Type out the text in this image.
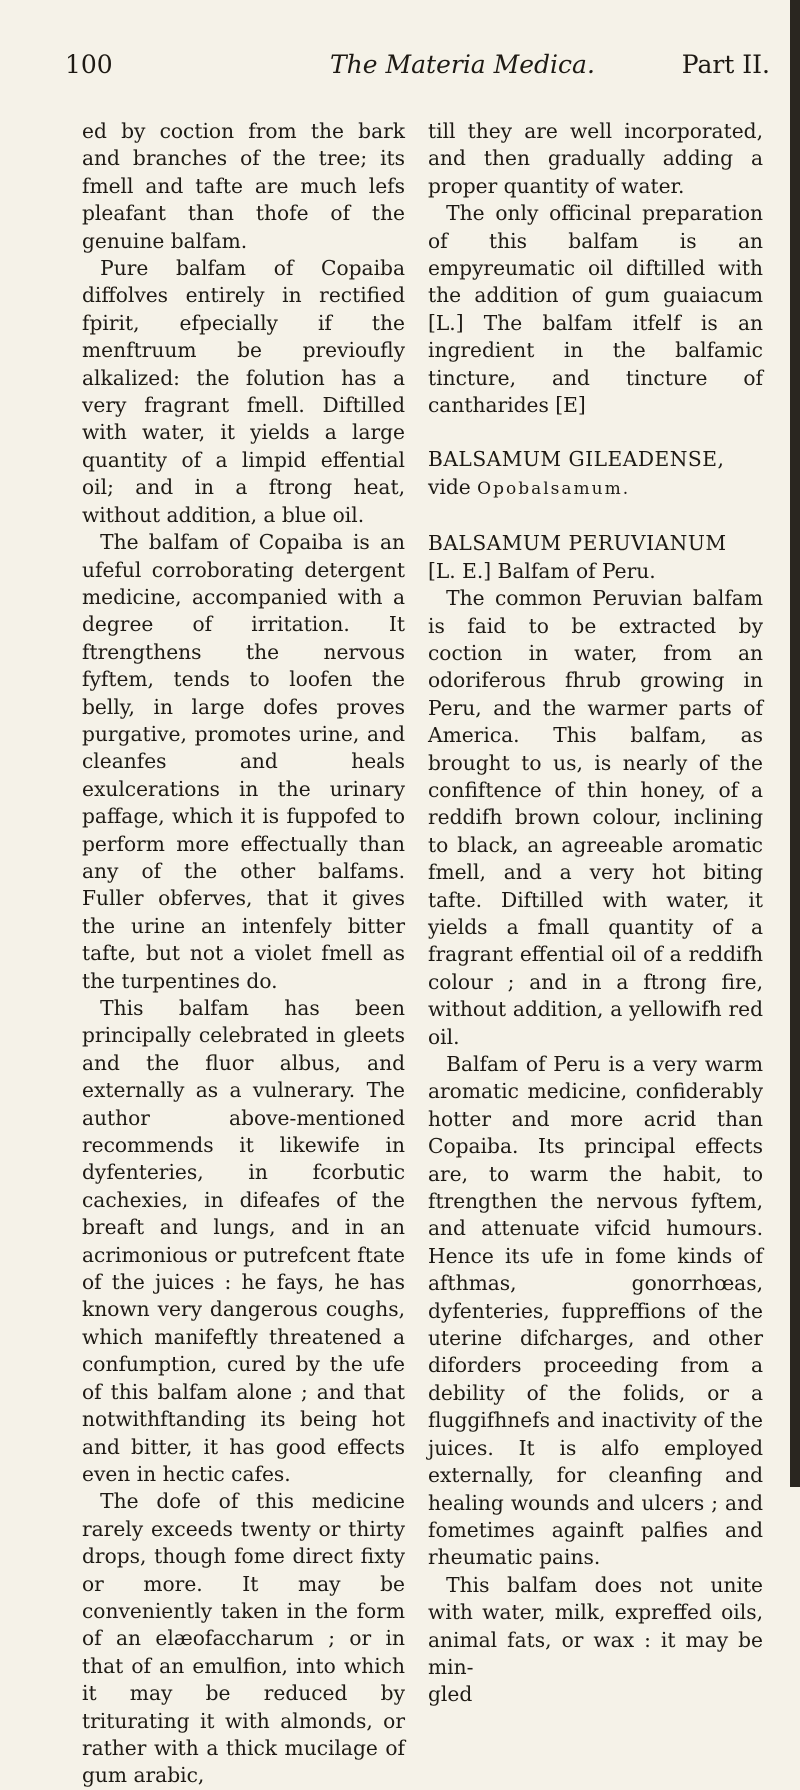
100	The Materia Medica.	Part II.

ed by coction from the bark and branches of the tree; its fmell and tafte are much lefs pleafant than thofe of the genuine balfam.

Pure balfam of Copaiba diffolves entirely in rectified fpirit, efpecially if the menftruum be previoufly alkalized: the folution has a very fragrant fmell. Diftilled with water, it yields a large quantity of a limpid effential oil; and in a ftrong heat, without addition, a blue oil.

The balfam of Copaiba is an ufeful corroborating detergent medicine, accompanied with a degree of irritation. It ftrengthens the nervous fyftem, tends to loofen the belly, in large dofes proves purgative, promotes urine, and cleanfes and heals exulcerations in the urinary paffage, which it is fuppofed to perform more effectually than any of the other balfams. Fuller obferves, that it gives the urine an intenfely bitter tafte, but not a violet fmell as the turpentines do.

This balfam has been principally celebrated in gleets and the fluor albus, and externally as a vulnerary. The author above-mentioned recommends it likewife in dyfenteries, in fcorbutic cachexies, in difeafes of the breaft and lungs, and in an acrimonious or putrefcent ftate of the juices : he fays, he has known very dangerous coughs, which manifeftly threatened a confumption, cured by the ufe of this balfam alone ; and that notwithftanding its being hot and bitter, it has good effects even in hectic cafes.

The dofe of this medicine rarely exceeds twenty or thirty drops, though fome direct fixty or more. It may be conveniently taken in the form of an elæofaccharum ; or in that of an emulfion, into which it may be reduced by triturating it with almonds, or rather with a thick mucilage of gum arabic,

till they are well incorporated, and then gradually adding a proper quantity of water.

The only officinal preparation of this balfam is an empyreumatic oil diftilled with the addition of gum guaiacum [L.] The balfam itfelf is an ingredient in the balfamic tincture, and tincture of cantharides [E]

BALSAMUM GILEADENSE,
vide Opobalsamum.

BALSAMUM PERUVIANUM
[L. E.] Balfam of Peru.

The common Peruvian balfam is faid to be extracted by coction in water, from an odoriferous fhrub growing in Peru, and the warmer parts of America. This balfam, as brought to us, is nearly of the confiftence of thin honey, of a reddifh brown colour, inclining to black, an agreeable aromatic fmell, and a very hot biting tafte. Diftilled with water, it yields a fmall quantity of a fragrant effential oil of a reddifh colour ; and in a ftrong fire, without addition, a yellowifh red oil.

Balfam of Peru is a very warm aromatic medicine, confiderably hotter and more acrid than Copaiba. Its principal effects are, to warm the habit, to ftrengthen the nervous fyftem, and attenuate vifcid humours. Hence its ufe in fome kinds of afthmas, gonorrhœas, dyfenteries, fuppreffions of the uterine difcharges, and other diforders proceeding from a debility of the folids, or a fluggifhnefs and inactivity of the juices. It is alfo employed externally, for cleanfing and healing wounds and ulcers ; and fometimes againft palfies and rheumatic pains.

This balfam does not unite with water, milk, expreffed oils, animal fats, or wax : it may be min-

gled
